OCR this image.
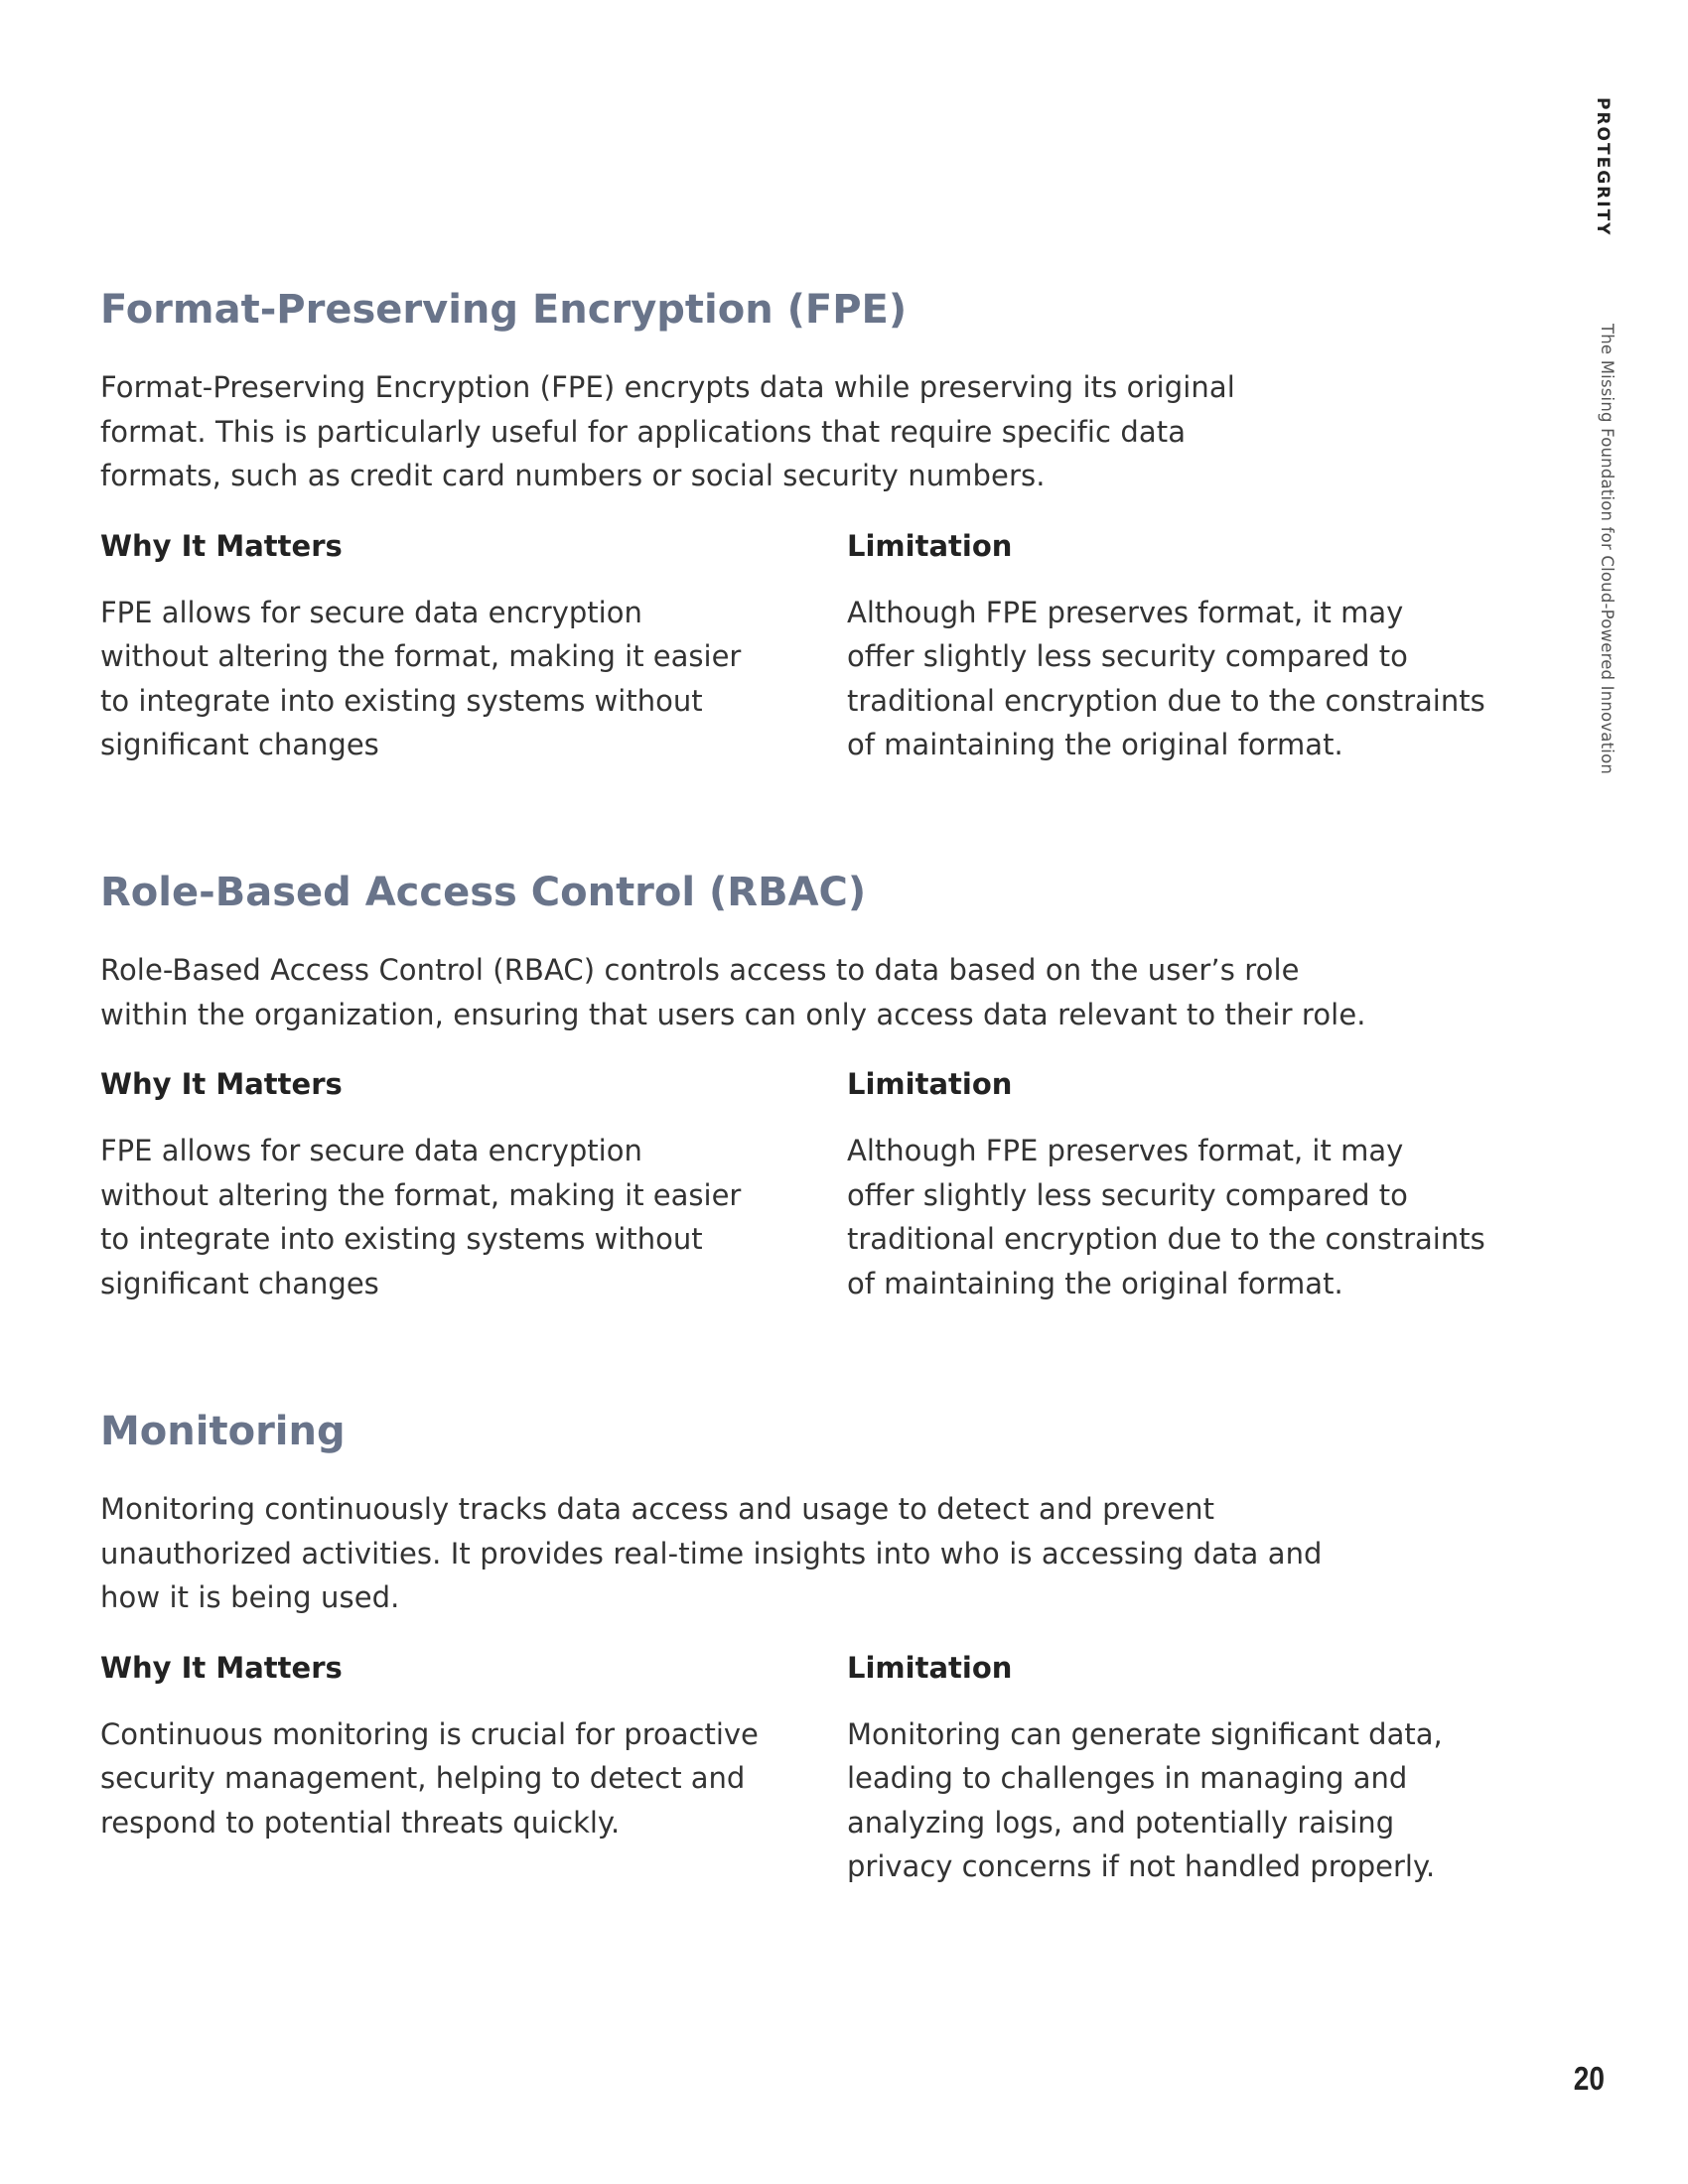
PROTEGRITY
The Missing Foundation for Cloud-Powered Innovation
Format-Preserving Encryption (FPE)

Format-Preserving Encryption (FPE) encrypts data while preserving its original
format. This is particularly useful for applications that require specific data
formats, such as credit card numbers or social security numbers.

Why It Matters

FPE allows for secure data encryption
without altering the format, making it easier
to integrate into existing systems without
significant changes

Limitation

Although FPE preserves format, it may
offer slightly less security compared to
traditional encryption due to the constraints
of maintaining the original format.

Role-Based Access Control (RBAC)

Role-Based Access Control (RBAC) controls access to data based on the user’s role
within the organization, ensuring that users can only access data relevant to their role.

Why It Matters

FPE allows for secure data encryption
without altering the format, making it easier
to integrate into existing systems without
significant changes

Limitation

Although FPE preserves format, it may
offer slightly less security compared to
traditional encryption due to the constraints
of maintaining the original format.

Monitoring

Monitoring continuously tracks data access and usage to detect and prevent
unauthorized activities. It provides real-time insights into who is accessing data and
how it is being used.

Why It Matters

Continuous monitoring is crucial for proactive
security management, helping to detect and
respond to potential threats quickly.

Limitation

Monitoring can generate significant data,
leading to challenges in managing and
analyzing logs, and potentially raising
privacy concerns if not handled properly.

20
